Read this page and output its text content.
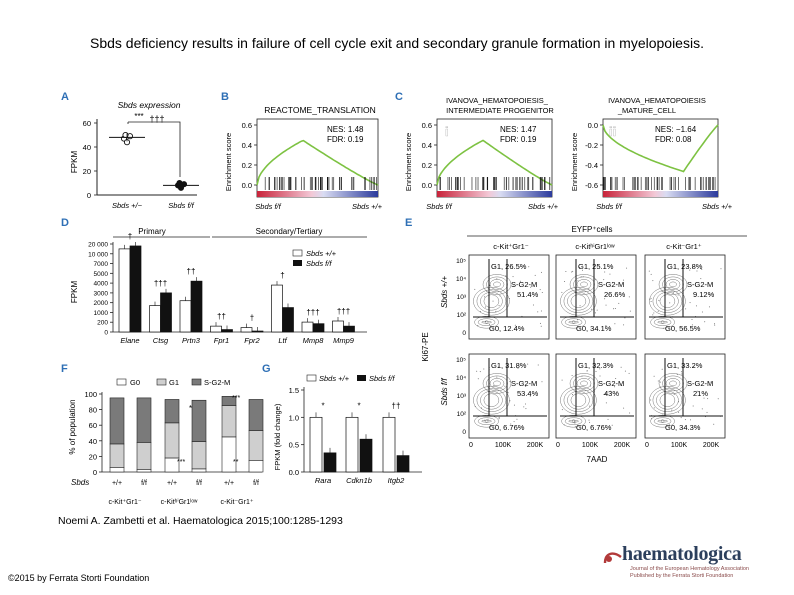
Sbds deficiency results in failure of cell cycle exit and secondary granule formation in myelopoiesis.
A
Sbds expression
*** †††
FPKM
0
20
40
60
Sbds +/−	Sbds f/f
B
REACTOME_TRANSLATION
Enrichment score 0.0
0.2
0.4
0.6	NES: 1.48
FDR: 0.19
Sbds f/f	Sbds +/+
C	IVANOVA_HEMATOPOIESIS_
INTERMEDIATE PROGENITOR
IVANOVA_HEMATOPOIESIS
_MATURE_CELL
Enrichment score	Enrichment score
0.0
0.2
0.4
0.6
-0.6
-0.4
-0.2
0.0
i	ii
NES: 1.47
FDR: 0.19
NES: −1.64
FDR: 0.08
Sbds f/f	Sbds +/+	Sbds f/f	Sbds +/+
D
Primary	Secondary/Tertiary
FPKM
0
200
1000
2000
3000
4000
5000
7000
10 000
20 000
†
†††
††
††	†
†
††† †††
Elane Ctsg Prtn3 Fpr1 Fpr2 Ltf Mmp8 Mmp9
Sbds +/+
Sbds f/f
F
G0	G1	S-G2-M
% of population
0
20
40
60
80
100
*
***
***	**
Sbds	+/+	f/f	+/+	f/f	+/+	f/f
c-Kit⁺Gr1⁻	c-KitʰⁱGr1ˡᵒʷ	c-Kit⁻Gr1⁺
G
Sbds +/+	Sbds f/f
FPKM (fold change)
0.0
0.5
1.0
1.5
*	*	††
Rara Cdkn1b Itgb2
E
EYFP⁺cells
c-Kit⁺Gr1⁻	c-KitʰⁱGr1ˡᵒʷ	c-Kit⁻Gr1⁺
Sbds +/+
Sbds f/f
Ki67-PE
7AAD
G1, 26.5%
S-G2-M
51.4%
G0, 12.4%
10⁵
10⁴
10³
10²
0
G1, 25.1%
S-G2-M
26.6%
G0, 34.1%
G1, 23.8%
S-G2-M
9.12%
G0, 56.5%
G1, 31.8%
S-G2-M
53.4%
G0, 6.76%
10⁵
10⁴
10³
10²
0
0	100K 200K
G1, 32.3%
S-G2-M
43%
G0, 6.76%
0	100K 200K
G1, 33.2%
S-G2-M
21%
G0, 34.3%
0	100K 200K
Noemi A. Zambetti et al. Haematologica 2015;100:1285-1293
©2015 by Ferrata Storti Foundation
haematologica
Journal of the European Hematology Association
Published by the Ferrata Storti Foundation
